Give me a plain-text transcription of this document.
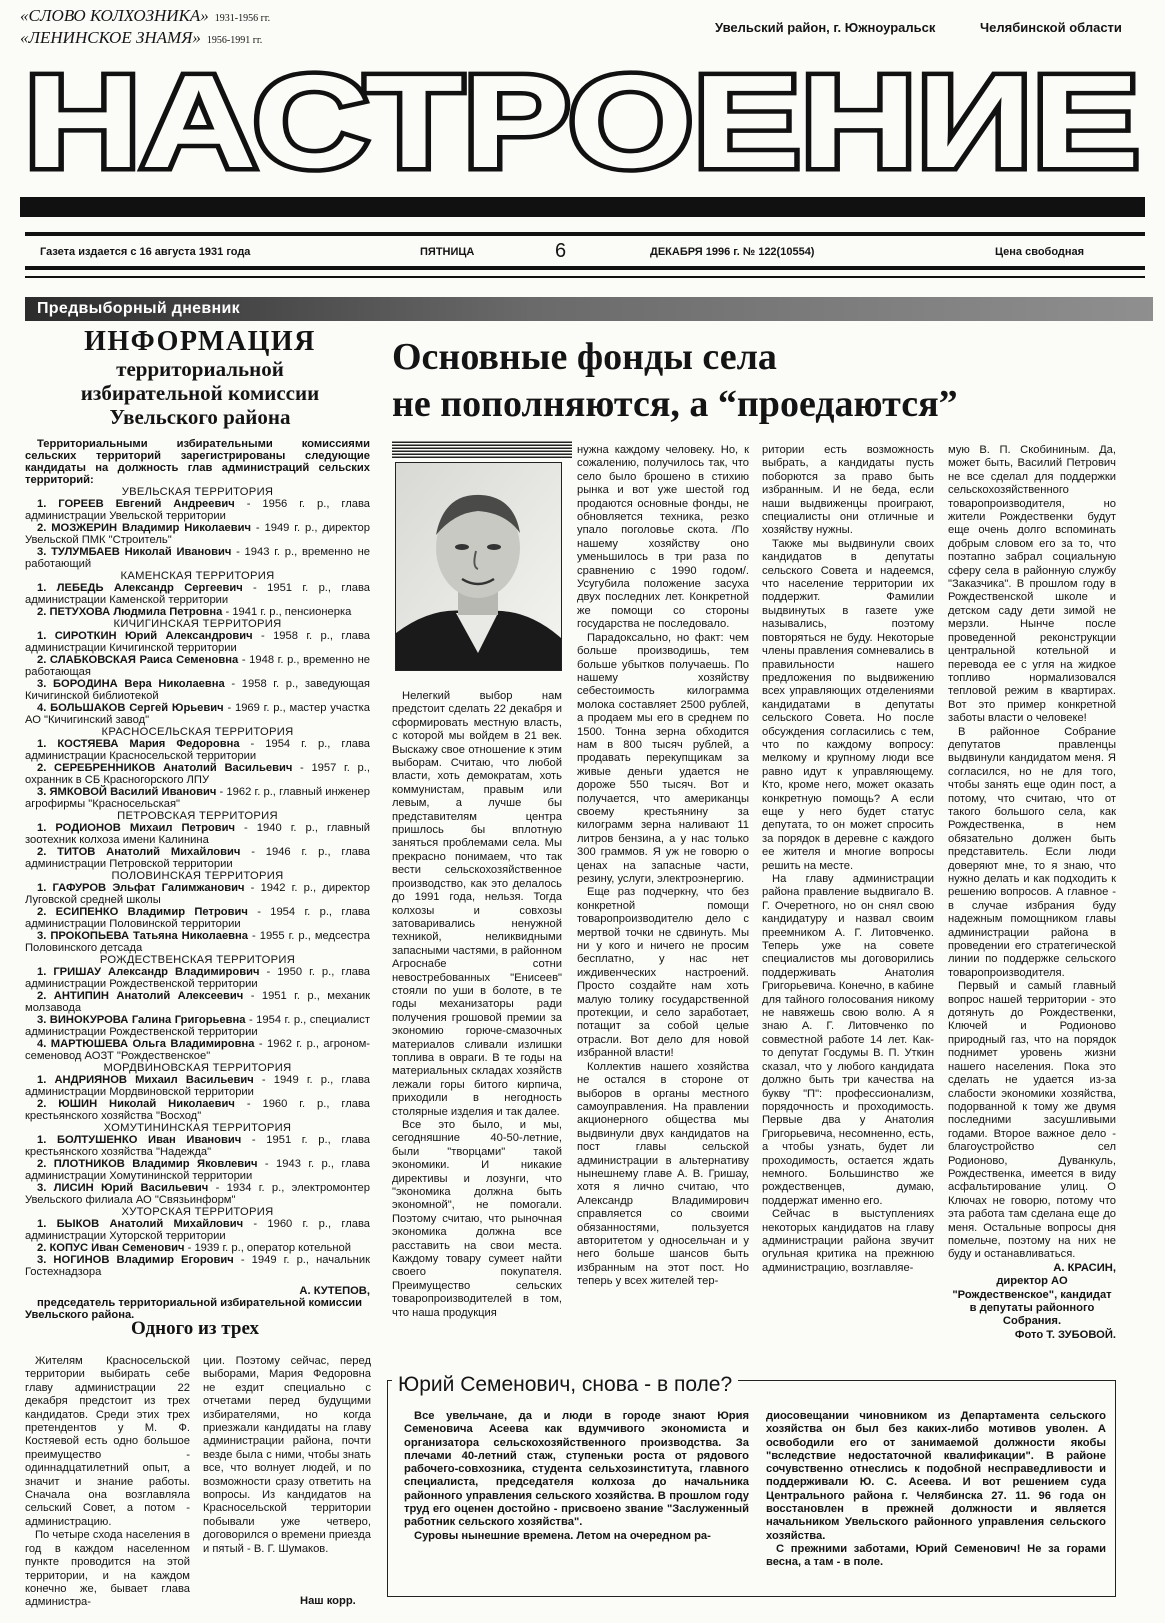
«СЛОВО КОЛХОЗНИКА» 1931-1956 гг.
«ЛЕНИНСКОЕ ЗНАМЯ» 1956-1991 гг.
Увельский район, г. Южноуральск	Челябинской области
НАСТРОЕНИЕ
Газета издается с 16 августа 1931 года	ПЯТНИЦА	6	ДЕКАБРЯ 1996 г. № 122(10554)	Цена свободная
Предвыборный дневник
ИНФОРМАЦИЯ
территориальной
избирательной комиссии
Увельского района
Территориальными избирательными комиссиями сельских территорий зарегистрированы следующие кандидаты на должность глав администраций сельских территорий:
УВЕЛЬСКАЯ ТЕРРИТОРИЯ
1. ГОРЕЕВ Евгений Андреевич - 1956 г. р., глава администрации Увельской территории
2. МОЗЖЕРИН Владимир Николаевич - 1949 г. р., директор Увельской ПМК "Строитель"
3. ТУЛУМБАЕВ Николай Иванович - 1943 г. р., временно не работающий
КАМЕНСКАЯ ТЕРРИТОРИЯ
1. ЛЕБЕДЬ Александр Сергеевич - 1951 г. р., глава администрации Каменской территории
2. ПЕТУХОВА Людмила Петровна - 1941 г. р., пенсионерка
КИЧИГИНСКАЯ ТЕРРИТОРИЯ
1. СИРОТКИН Юрий Александрович - 1958 г. р., глава администрации Кичигинской территории
2. СЛАБКОВСКАЯ Раиса Семеновна - 1948 г. р., временно не работающая
3. БОРОДИНА Вера Николаевна - 1958 г. р., заведующая Кичигинской библиотекой
4. БОЛЬШАКОВ Сергей Юрьевич - 1969 г. р., мастер участка АО "Кичигинский завод"
КРАСНОСЕЛЬСКАЯ ТЕРРИТОРИЯ
1. КОСТЯЕВА Мария Федоровна - 1954 г. р., глава администрации Красносельской территории
2. СЕРЕБРЕННИКОВ Анатолий Васильевич - 1957 г. р., охранник в СБ Красногорского ЛПУ
3. ЯМКОВОЙ Василий Иванович - 1962 г. р., главный инженер агрофирмы "Красносельская"
ПЕТРОВСКАЯ ТЕРРИТОРИЯ
1. РОДИОНОВ Михаил Петрович - 1940 г. р., главный зоотехник колхоза имени Калинина
2. ТИТОВ Анатолий Михайлович - 1946 г. р., глава администрации Петровской территории
ПОЛОВИНСКАЯ ТЕРРИТОРИЯ
1. ГАФУРОВ Эльфат Галимжанович - 1942 г. р., директор Луговской средней школы
2. ЕСИПЕНКО Владимир Петрович - 1954 г. р., глава администрации Половинской территории
3. ПРОКОПЬЕВА Татьяна Николаевна - 1955 г. р., медсестра Половинского детсада
РОЖДЕСТВЕНСКАЯ ТЕРРИТОРИЯ
1. ГРИШАУ Александр Владимирович - 1950 г. р., глава администрации Рождественской территории
2. АНТИПИН Анатолий Алексеевич - 1951 г. р., механик молзавода
3. ВИНОКУРОВА Галина Григорьевна - 1954 г. р., специалист администрации Рождественской территории
4. МАРТЮШЕВА Ольга Владимировна - 1962 г. р., агроном-семеновод АОЗТ "Рождественское"
МОРДВИНОВСКАЯ ТЕРРИТОРИЯ
1. АНДРИЯНОВ Михаил Васильевич - 1949 г. р., глава администрации Мордвиновской территории
2. ЮШИН Николай Николаевич - 1960 г. р., глава крестьянского хозяйства "Восход"
ХОМУТИНИНСКАЯ ТЕРРИТОРИЯ
1. БОЛТУШЕНКО Иван Иванович - 1951 г. р., глава крестьянского хозяйства "Надежда"
2. ПЛОТНИКОВ Владимир Яковлевич - 1943 г. р., глава администрации Хомутининской территории
3. ЛИСИН Юрий Васильевич - 1934 г. р., электромонтер Увельского филиала АО "Связьинформ"
ХУТОРСКАЯ ТЕРРИТОРИЯ
1. БЫКОВ Анатолий Михайлович - 1960 г. р., глава администрации Хуторской территории
2. КОПУС Иван Семенович - 1939 г. р., оператор котельной
3. НОГИНОВ Владимир Егорович - 1949 г. р., начальник Гостехнадзора
А. КУТЕПОВ,
председатель территориальной избирательной комиссии Увельского района.
Одного из трех

Жителям Красносельской территории выбирать себе главу администрации 22 декабря предстоит из трех кандидатов. Среди этих трех претендентов у М. Ф. Костяевой есть одно большое преимущество - одиннадцатилетний опыт, а значит и знание работы. Сначала она возглавляла сельский Совет, а потом - администрацию.

По четыре схода населения в год в каждом населенном пункте проводится на этой территории, и на каждом конечно же, бывает глава администра-

ции. Поэтому сейчас, перед выборами, Мария Федоровна не ездит специально с отчетами перед будущими избирателями, но когда приезжали кандидаты на главу администрации района, почти везде была с ними, чтобы знать все, что волнует людей, и по возможности сразу ответить на вопросы. Из кандидатов на Красносельской территории побывали уже четверо, договорился о времени приезда и пятый - В. Г. Шумаков.

Наш корр.
Основные фонды села
не пополняются, а “проедаются”

Нелегкий выбор нам предстоит сделать 22 декабря и сформировать местную власть, с которой мы войдем в 21 век. Выскажу свое отношение к этим выборам. Считаю, что любой власти, хоть демократам, хоть коммунистам, правым или левым, а лучше бы представителям центра пришлось бы вплотную заняться проблемами села. Мы прекрасно понимаем, что так вести сельскохозяйственное производство, как это делалось до 1991 года, нельзя. Тогда колхозы и совхозы затоваривались ненужной техникой, неликвидными запасными частями, в районном Агроснабе сотни невостребованных "Енисеев" стояли по уши в болоте, в те годы механизаторы ради получения грошовой премии за экономию горюче-смазочных материалов сливали излишки топлива в овраги. В те годы на материальных складах хозяйств лежали горы битого кирпича, приходили в негодность столярные изделия и так далее.

Все это было, и мы, сегодняшние 40-50-летние, были "творцами" такой экономики. И никакие директивы и лозунги, что "экономика должна быть экономной", не помогали. Поэтому считаю, что рыночная экономика должна все расставить на свои места. Каждому товару сумеет найти своего покупателя. Преимущество сельских товаропроизводителей в том, что наша продукция

нужна каждому человеку. Но, к сожалению, получилось так, что село было брошено в стихию рынка и вот уже шестой год продаются основные фонды, не обновляется техника, резко упало поголовье скота. /По нашему хозяйству оно уменьшилось в три раза по сравнению с 1990 годом/. Усугубила положение засуха двух последних лет. Конкретной же помощи со стороны государства не последовало.

Парадоксально, но факт: чем больше производишь, тем больше убытков получаешь. По нашему хозяйству себестоимость килограмма молока составляет 2500 рублей, а продаем мы его в среднем по 1500. Тонна зерна обходится нам в 800 тысяч рублей, а продавать перекупщикам за живые деньги удается не дороже 550 тысяч. Вот и получается, что американцы своему крестьянину за килограмм зерна наливают 11 литров бензина, а у нас только 300 граммов. Я уж не говорю о ценах на запасные части, резину, услуги, электроэнергию.

Еще раз подчеркну, что без конкретной помощи товаропроизводителю дело с мертвой точки не сдвинуть. Мы ни у кого и ничего не просим бесплатно, у нас нет иждивенческих настроений. Просто создайте нам хоть малую толику государственной протекции, и село заработает, потащит за собой целые отрасли. Вот дело для новой избранной власти!

Коллектив нашего хозяйства не остался в стороне от выборов в органы местного самоуправления. На правлении акционерного общества мы выдвинули двух кандидатов на пост главы сельской администрации в альтернативу нынешнему главе А. В. Гришау, хотя я лично считаю, что Александр Владимирович справляется со своими обязанностями, пользуется авторитетом у односельчан и у него больше шансов быть избранным на этот пост. Но теперь у всех жителей тер-

ритории есть возможность выбрать, а кандидаты пусть поборются за право быть избранным. И не беда, если наши выдвиженцы проиграют, специалисты они отличные и хозяйству нужны.

Также мы выдвинули своих кандидатов в депутаты сельского Совета и надеемся, что население территории их поддержит. Фамилии выдвинутых в газете уже назывались, поэтому повторяться не буду. Некоторые члены правления сомневались в правильности нашего предложения по выдвижению всех управляющих отделениями кандидатами в депутаты сельского Совета. Но после обсуждения согласились с тем, что по каждому вопросу: мелкому и крупному люди все равно идут к управляющему. Кто, кроме него, может оказать конкретную помощь? А если еще у него будет статус депутата, то он может спросить за порядок в деревне с каждого ее жителя и многие вопросы решить на месте.

На главу администрации района правление выдвигало В. Г. Очеретного, но он снял свою кандидатуру и назвал своим преемником А. Г. Литовченко. Теперь уже на совете специалистов мы договорились поддерживать Анатолия Григорьевича. Конечно, в кабине для тайного голосования никому не навяжешь свою волю. А я знаю А. Г. Литовченко по совместной работе 14 лет. Как-то депутат Госдумы В. П. Уткин сказал, что у любого кандидата должно быть три качества на букву "П": профессионализм, порядочность и проходимость. Первые два у Анатолия Григорьевича, несомненно, есть, а чтобы узнать, будет ли проходимость, остается ждать немного. Большинство же рождественцев, думаю, поддержат именно его.

Сейчас в выступлениях некоторых кандидатов на главу администрации района звучит огульная критика на прежнюю администрацию, возглавляе-

мую В. П. Скобининым. Да, может быть, Василий Петрович не все сделал для поддержки сельскохозяйственного товаропроизводителя, но жители Рождественки будут еще очень долго вспоминать добрым словом его за то, что поэтапно забрал социальную сферу села в районную службу "Заказчика". В прошлом году в Рождественской школе и детском саду дети зимой не мерзли. Нынче после проведенной реконструкции центральной котельной и перевода ее с угля на жидкое топливо нормализовался тепловой режим в квартирах. Вот это пример конкретной заботы власти о человеке!

В районное Собрание депутатов правленцы выдвинули кандидатом меня. Я согласился, но не для того, чтобы занять еще один пост, а потому, что считаю, что от такого большого села, как Рождественка, в нем обязательно должен быть представитель. Если люди доверяют мне, то я знаю, что нужно делать и как подходить к решению вопросов. А главное - в случае избрания буду надежным помощником главы администрации района в проведении его стратегической линии по поддержке сельского товаропроизводителя.

Первый и самый главный вопрос нашей территории - это дотянуть до Рождественки, Ключей и Родионово природный газ, что на порядок поднимет уровень жизни нашего населения. Пока это сделать не удается из-за слабости экономики хозяйства, подорванной к тому же двумя последними засушливыми годами. Второе важное дело - благоустройство сел Родионово, Дуванкуль, Рождественка, имеется в виду асфальтирование улиц. О Ключах не говорю, потому что эта работа там сделана еще до меня. Остальные вопросы дня помельче, поэтому на них не буду и останавливаться.

А. КРАСИН,
директор АО "Рождественское", кандидат в депутаты районного Собрания.
Фото Т. ЗУБОВОЙ.
Юрий Семенович, снова - в поле?

Все увельчане, да и люди в городе знают Юрия Семеновича Асеева как вдумчивого экономиста и организатора сельскохозяйственного производства. За плечами 40-летний стаж, ступеньки роста от рядового рабочего-совхозника, студента сельхозинститута, главного специалиста, председателя колхоза до начальника районного управления сельского хозяйства. В прошлом году труд его оценен достойно - присвоено звание "Заслуженный работник сельского хозяйства".

Суровы нынешние времена. Летом на очередном ра-

диосовещании чиновником из Департамента сельского хозяйства он был без каких-либо мотивов уволен. А освободили его от занимаемой должности якобы "вследствие недостаточной квалификации". В районе сочувственно отнеслись к подобной несправедливости и поддерживали Ю. С. Асеева. И вот решением суда Центрального района г. Челябинска 27. 11. 96 года он восстановлен в прежней должности и является начальником Увельского районного управления сельского хозяйства.

С прежними заботами, Юрий Семенович! Не за горами весна, а там - в поле.
